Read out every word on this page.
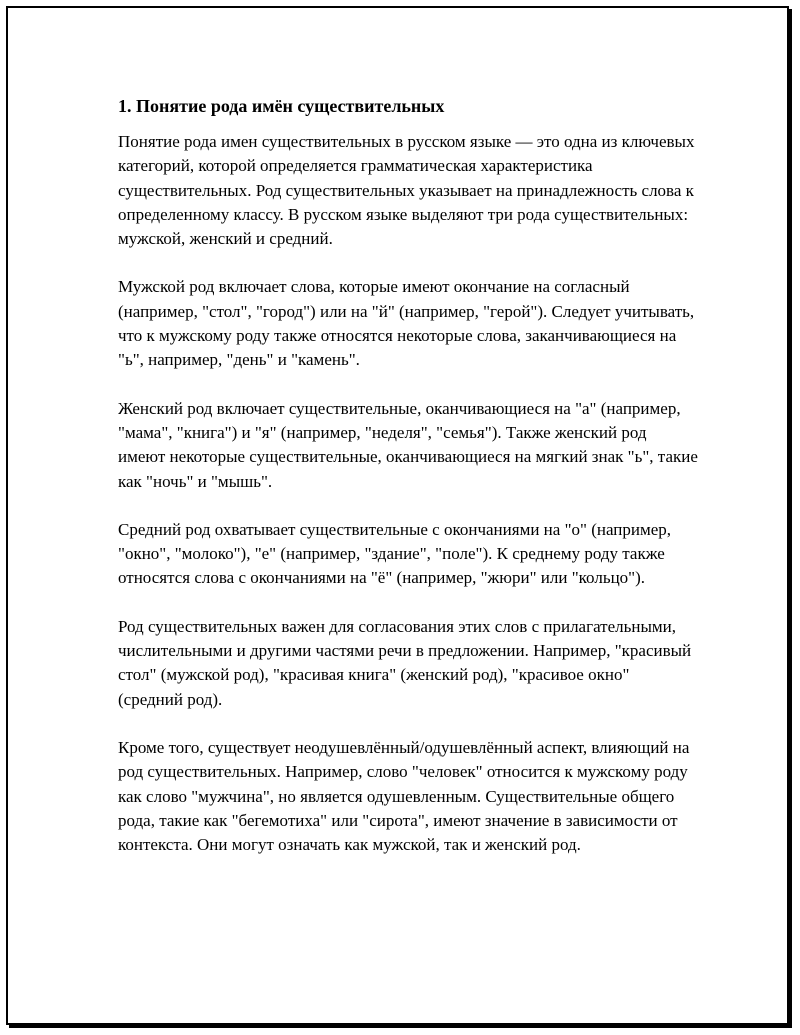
1. Понятие рода имён существительных

Понятие рода имен существительных в русском языке — это одна из ключевых категорий, которой определяется грамматическая характеристика существительных. Род существительных указывает на принадлежность слова к определенному классу. В русском языке выделяют три рода существительных: мужской, женский и средний.

Мужской род включает слова, которые имеют окончание на согласный (например, "стол", "город") или на "й" (например, "герой"). Следует учитывать, что к мужскому роду также относятся некоторые слова, заканчивающиеся на "ь", например, "день" и "камень".

Женский род включает существительные, оканчивающиеся на "а" (например, "мама", "книга") и "я" (например, "неделя", "семья"). Также женский род имеют некоторые существительные, оканчивающиеся на мягкий знак "ь", такие как "ночь" и "мышь".

Средний род охватывает существительные с окончаниями на "о" (например, "окно", "молоко"), "е" (например, "здание", "поле"). К среднему роду также относятся слова с окончаниями на "ё" (например, "жюри" или "кольцо").

Род существительных важен для согласования этих слов с прилагательными, числительными и другими частями речи в предложении. Например, "красивый стол" (мужской род), "красивая книга" (женский род), "красивое окно" (средний род).

Кроме того, существует неодушевлённый/одушевлённый аспект, влияющий на род существительных. Например, слово "человек" относится к мужскому роду как слово "мужчина", но является одушевленным. Существительные общего рода, такие как "бегемотиха" или "сирота", имеют значение в зависимости от контекста. Они могут означать как мужской, так и женский род.
